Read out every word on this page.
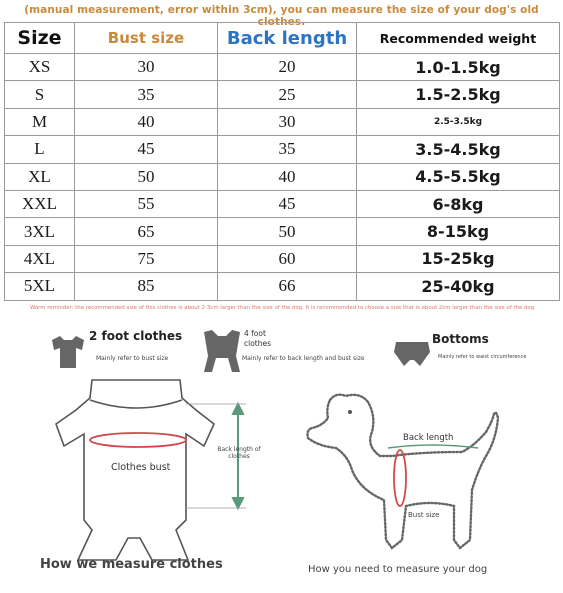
(manual measurement, error within 3cm), you can measure the size of your dog's old clothes.
Size	Bust size	Back length	Recommended weight
XS	30	20	1.0-1.5kg
S	35	25	1.5-2.5kg
M	40	30	2.5-3.5kg
L	45	35	3.5-4.5kg
XL	50	40	4.5-5.5kg
XXL	55	45	6-8kg
3XL	65	50	8-15kg
4XL	75	60	15-25kg
5XL	85	66	25-40kg
Warm reminder: the recommended size of this clothes is about 2-3cm larger than the size of the dog. It is recommended to choose a size that is about 2cm larger than the size of the dog
2 foot clothes
Mainly refer to bust size
4 foot clothes
Mainly refer to back length and bust size
Bottoms
Mainly refer to waist circumference
Clothes bust
Back length of clothes
How we measure clothes
Back length
Bust size
How you need to measure your dog
